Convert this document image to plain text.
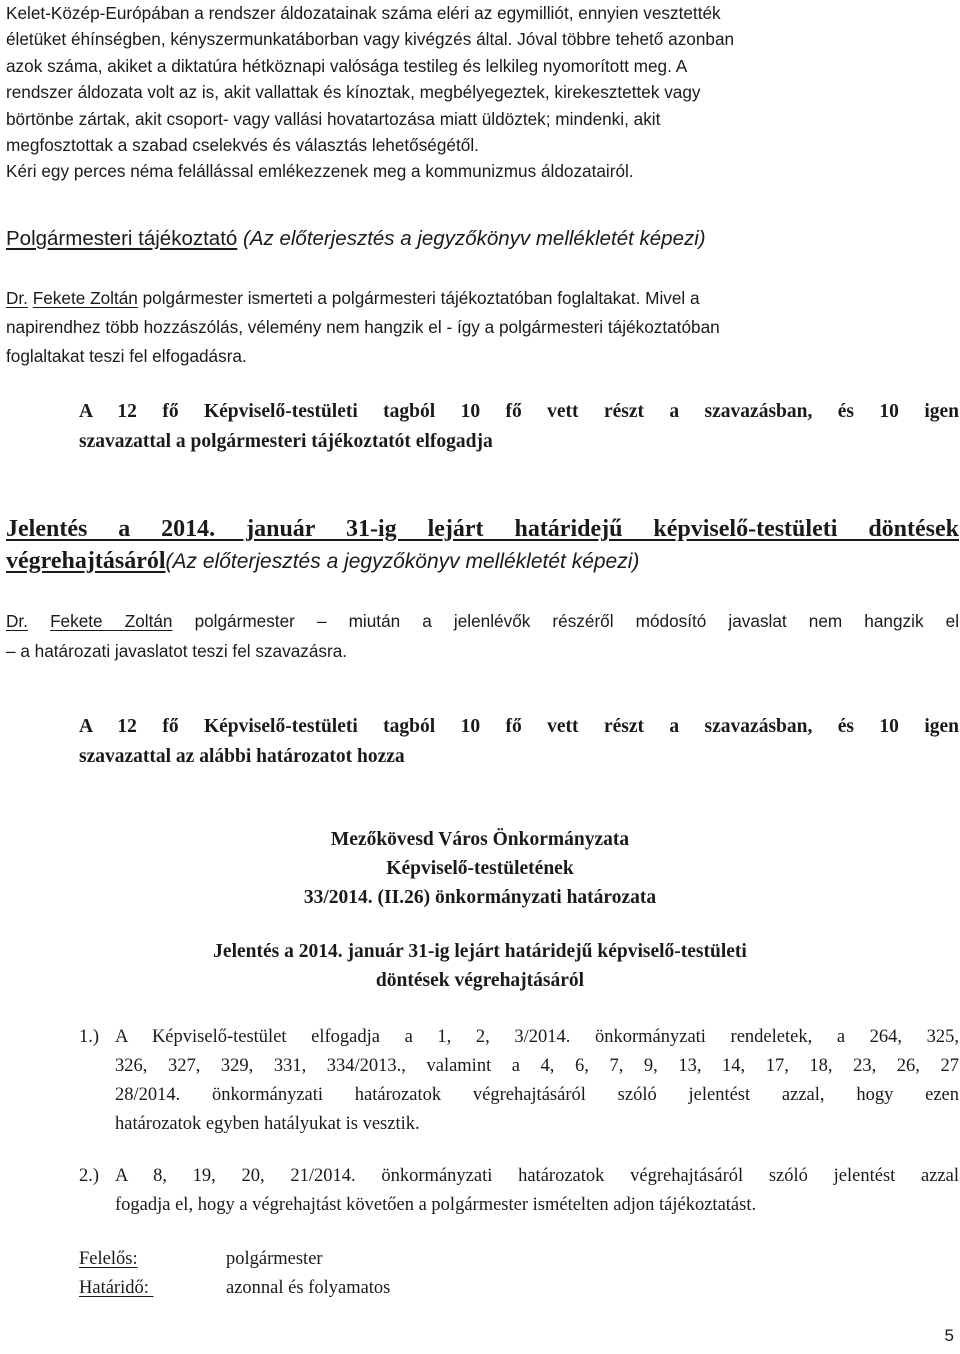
Kelet-Közép-Európában a rendszer áldozatainak száma eléri az egymilliót, ennyien vesztették
életüket éhínségben, kényszermunkatáborban vagy kivégzés által. Jóval többre tehető azonban
azok száma, akiket a diktatúra hétköznapi valósága testileg és lelkileg nyomorított meg. A
rendszer áldozata volt az is, akit vallattak és kínoztak, megbélyegeztek, kirekesztettek vagy
börtönbe zártak, akit csoport- vagy vallási hovatartozása miatt üldöztek; mindenki, akit
megfosztottak a szabad cselekvés és választás lehetőségétől.
Kéri egy perces néma felállással emlékezzenek meg a kommunizmus áldozatairól.
Polgármesteri tájékoztató (Az előterjesztés a jegyzőkönyv mellékletét képezi)
Dr. Fekete Zoltán polgármester ismerteti a polgármesteri tájékoztatóban foglaltakat. Mivel a
napirendhez több hozzászólás, vélemény nem hangzik el - így a polgármesteri tájékoztatóban
foglaltakat teszi fel elfogadásra.
A 12 fő Képviselő-testületi tagból 10 fő vett részt a szavazásban, és 10 igen
szavazattal a polgármesteri tájékoztatót elfogadja
Jelentés a 2014. január 31-ig lejárt határidejű képviselő-testületi döntések
végrehajtásáról(Az előterjesztés a jegyzőkönyv mellékletét képezi)
Dr. Fekete Zoltán polgármester – miután a jelenlévők részéről módosító javaslat nem hangzik el
– a határozati javaslatot teszi fel szavazásra.
A 12 fő Képviselő-testületi tagból 10 fő vett részt a szavazásban, és 10 igen
szavazattal az alábbi határozatot hozza
Mezőkövesd Város Önkormányzata
Képviselő-testületének
33/2014. (II.26) önkormányzati határozata
Jelentés a 2014. január 31-ig lejárt határidejű képviselő-testületi
döntések végrehajtásáról
1.) A Képviselő-testület elfogadja a 1, 2, 3/2014. önkormányzati rendeletek, a 264, 325,
326, 327, 329, 331, 334/2013., valamint a 4, 6, 7, 9, 13, 14, 17, 18, 23, 26, 27
28/2014. önkormányzati határozatok végrehajtásáról szóló jelentést azzal, hogy ezen
határozatok egyben hatályukat is vesztik.
2.) A 8, 19, 20, 21/2014. önkormányzati határozatok végrehajtásáról szóló jelentést azzal
fogadja el, hogy a végrehajtást követően a polgármester ismételten adjon tájékoztatást.
Felelős:	polgármester
Határidő:	azonnal és folyamatos
5
